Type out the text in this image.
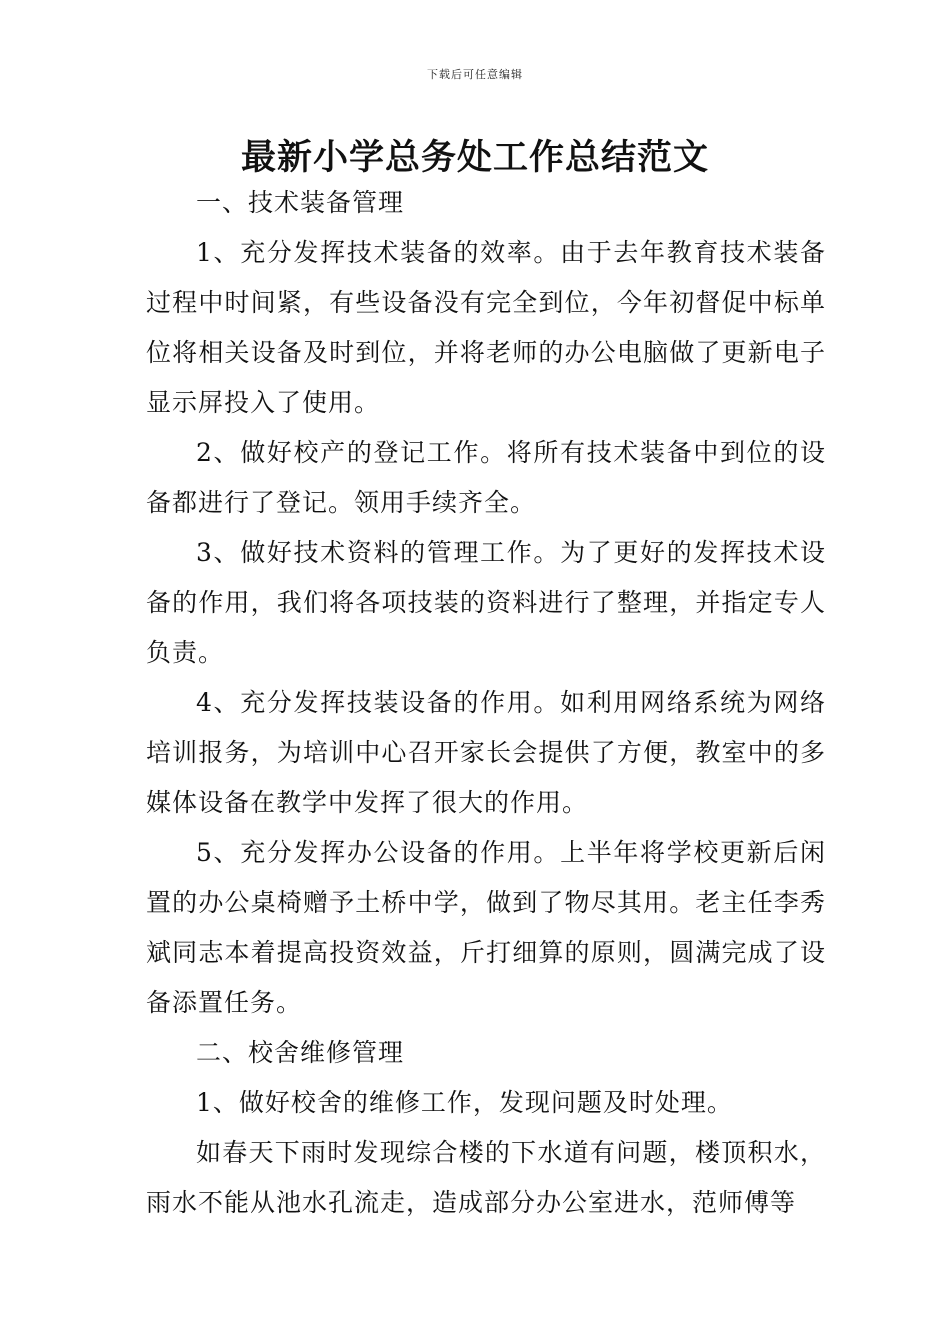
下载后可任意编辑
最新小学总务处工作总结范文

一、技术装备管理

1、充分发挥技术装备的效率。由于去年教育技术装备过程中时间紧，有些设备没有完全到位，今年初督促中标单位将相关设备及时到位，并将老师的办公电脑做了更新电子显示屏投入了使用。

2、做好校产的登记工作。将所有技术装备中到位的设备都进行了登记。领用手续齐全。

3、做好技术资料的管理工作。为了更好的发挥技术设备的作用，我们将各项技装的资料进行了整理，并指定专人负责。

4、充分发挥技装设备的作用。如利用网络系统为网络培训报务，为培训中心召开家长会提供了方便，教室中的多媒体设备在教学中发挥了很大的作用。

5、充分发挥办公设备的作用。上半年将学校更新后闲置的办公桌椅赠予土桥中学，做到了物尽其用。老主任李秀斌同志本着提高投资效益，斤打细算的原则，圆满完成了设备添置任务。

二、校舍维修管理

1、做好校舍的维修工作，发现问题及时处理。

如春天下雨时发现综合楼的下水道有问题，楼顶积水，雨水不能从池水孔流走，造成部分办公室进水，范师傅等
